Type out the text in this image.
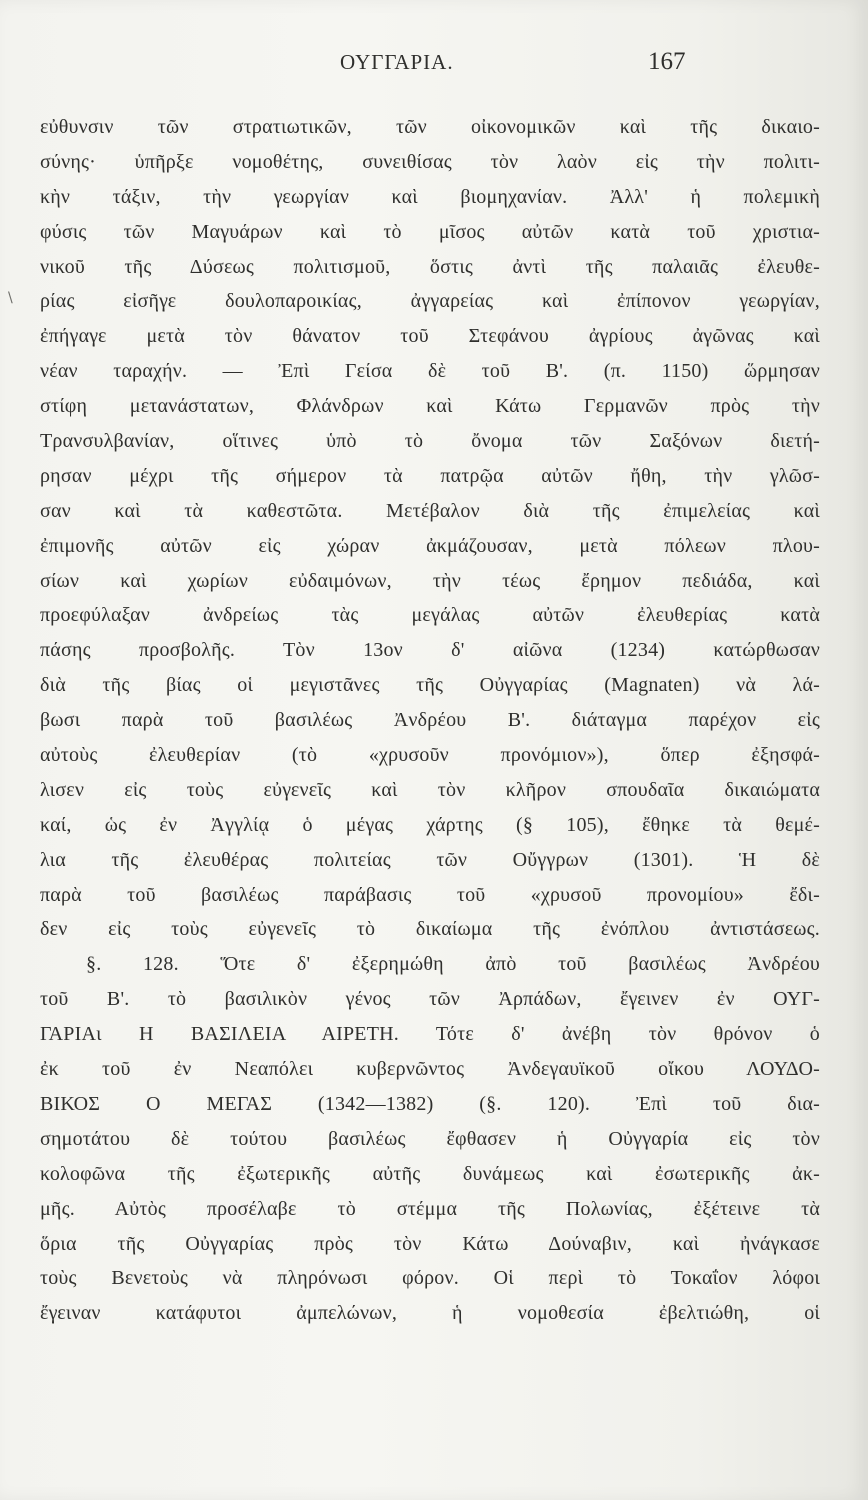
ΟΥΓΓΑΡΙΑ.	167
\
εὐθυνσιν τῶν στρατιωτικῶν, τῶν οἰκονομικῶν καὶ τῆς δικαιο-
σύνης· ὑπῆρξε νομοθέτης, συνειθίσας τὸν λαὸν εἰς τὴν πολιτι-
κὴν τάξιν, τὴν γεωργίαν καὶ βιομηχανίαν. Ἀλλ' ἡ πολεμικὴ
φύσις τῶν Μαγυάρων καὶ τὸ μῖσος αὐτῶν κατὰ τοῦ χριστια-
νικοῦ τῆς Δύσεως πολιτισμοῦ, ὅστις ἀντὶ τῆς παλαιᾶς ἐλευθε-
ρίας εἰσῆγε δουλοπαροικίας, ἀγγαρείας καὶ ἐπίπονον γεωργίαν,
ἐπήγαγε μετὰ τὸν θάνατον τοῦ Στεφάνου ἀγρίους ἀγῶνας καὶ
νέαν ταραχήν. — Ἐπὶ Γείσα δὲ τοῦ Β'. (π. 1150) ὥρμησαν
στίφη μετανάστατων, Φλάνδρων καὶ Κάτω Γερμανῶν πρὸς τὴν
Τρανσυλβανίαν, οἵτινες ὑπὸ τὸ ὄνομα τῶν Σαξόνων διετή-
ρησαν μέχρι τῆς σήμερον τὰ πατρῷα αὐτῶν ἤθη, τὴν γλῶσ-
σαν καὶ τὰ καθεστῶτα. Μετέβαλον διὰ τῆς ἐπιμελείας καὶ
ἐπιμονῆς αὐτῶν εἰς χώραν ἀκμάζουσαν, μετὰ πόλεων πλου-
σίων καὶ χωρίων εὐδαιμόνων, τὴν τέως ἔρημον πεδιάδα, καὶ
προεφύλαξαν ἀνδρείως τὰς μεγάλας αὐτῶν ἐλευθερίας κατὰ
πάσης προσβολῆς. Τὸν 13ον δ' αἰῶνα (1234) κατώρθωσαν
διὰ τῆς βίας οἱ μεγιστᾶνες τῆς Οὐγγαρίας (Magnaten) νὰ λά-
βωσι παρὰ τοῦ βασιλέως Ἀνδρέου Β'. διάταγμα παρέχον εἰς
αὐτοὺς ἐλευθερίαν (τὸ «χρυσοῦν προνόμιον»), ὅπερ ἐξησφά-
λισεν εἰς τοὺς εὐγενεῖς καὶ τὸν κλῆρον σπουδαῖα δικαιώματα
καί, ὡς ἐν Ἀγγλίᾳ ὁ μέγας χάρτης (§ 105), ἔθηκε τὰ θεμέ-
λια τῆς ἐλευθέρας πολιτείας τῶν Οὔγγρων (1301). Ἡ δὲ
παρὰ τοῦ βασιλέως παράβασις τοῦ «χρυσοῦ προνομίου» ἔδι-
δεν εἰς τοὺς εὐγενεῖς τὸ δικαίωμα τῆς ἐνόπλου ἀντιστάσεως.
§. 128. Ὅτε δ' ἐξερημώθη ἀπὸ τοῦ βασιλέως Ἀνδρέου
τοῦ Β'. τὸ βασιλικὸν γένος τῶν Ἀρπάδων, ἔγεινεν ἐν ΟΥΓ-
ΓΑΡΙΑι Η ΒΑΣΙΛΕΙΑ ΑΙΡΕΤΗ. Τότε δ' ἀνέβη τὸν θρόνον ὁ
ἐκ τοῦ ἐν Νεαπόλει κυβερνῶντος Ἀνδεγαυϊκοῦ οἴκου ΛΟΥΔΟ-
ΒΙΚΟΣ Ο ΜΕΓΑΣ (1342—1382) (§. 120). Ἐπὶ τοῦ δια-
σημοτάτου δὲ τούτου βασιλέως ἔφθασεν ἡ Οὐγγαρία εἰς τὸν
κολοφῶνα τῆς ἐξωτερικῆς αὐτῆς δυνάμεως καὶ ἐσωτερικῆς ἀκ-
μῆς. Αὐτὸς προσέλαβε τὸ στέμμα τῆς Πολωνίας, ἐξέτεινε τὰ
ὅρια τῆς Οὐγγαρίας πρὸς τὸν Κάτω Δούναβιν, καὶ ἠνάγκασε
τοὺς Βενετοὺς νὰ πληρόνωσι φόρον. Οἱ περὶ τὸ Τοκαΐον λόφοι
ἔγειναν κατάφυτοι ἀμπελώνων, ἡ νομοθεσία ἐβελτιώθη, οἱ
